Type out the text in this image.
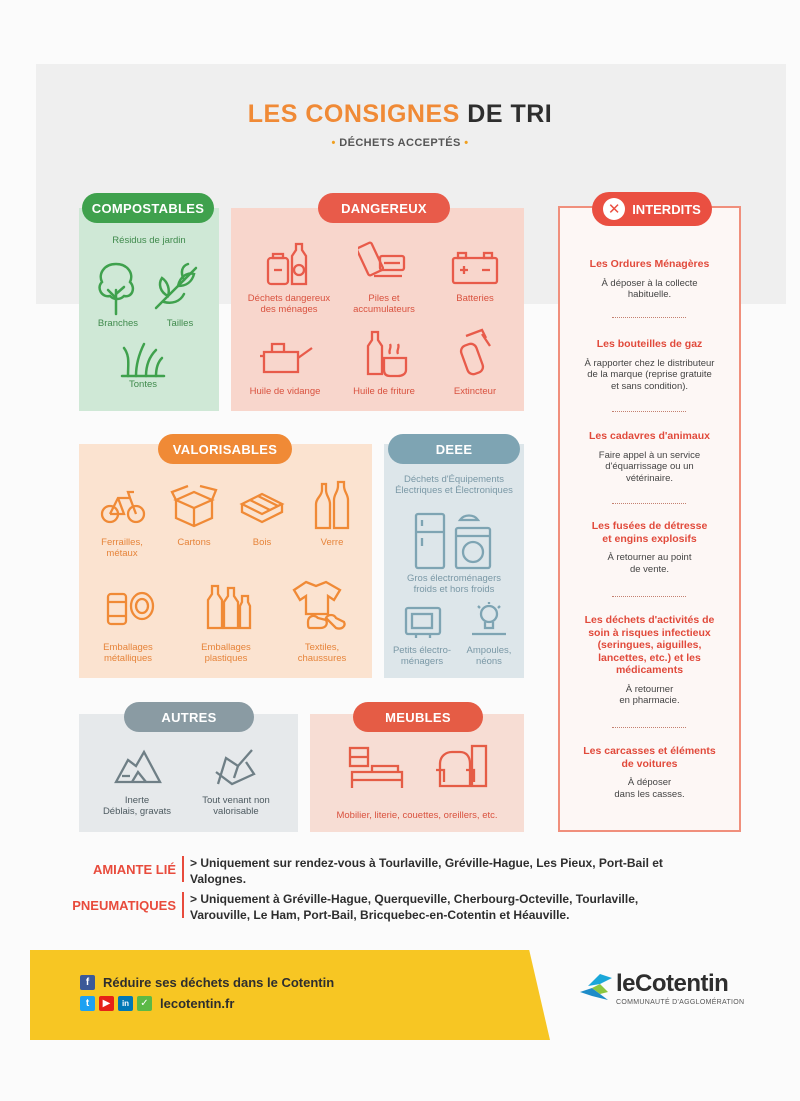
LES CONSIGNES DE TRI
• DÉCHETS ACCEPTÉS •
COMPOSTABLES
Résidus de jardin
Branches	Tailles
Tontes
DANGEREUX
Déchets dangereux
des ménages
Piles et
accumulateurs
Batteries
Huile de vidange	Huile de friture	Extincteur
VALORISABLES
Ferrailles,
métaux
Cartons	Bois	Verre
Emballages
métalliques
Emballages
plastiques
Textiles,
chaussures
DEEE
Déchets d'Équipements
Électriques et Électroniques
Gros électroménagers
froids et hors froids
Petits électro-
ménagers
Ampoules,
néons
AUTRES
Inerte
Déblais, gravats
Tout venant non
valorisable
MEUBLES
Mobilier, literie, couettes, oreillers, etc.
✕ INTERDITS
Les Ordures Ménagères
À déposer à la collecte
habituelle.
Les bouteilles de gaz
À rapporter chez le distributeur
de la marque (reprise gratuite
et sans condition).
Les cadavres d'animaux
Faire appel à un service
d'équarrissage ou un
vétérinaire.
Les fusées de détresse
et engins explosifs
À retourner au point
de vente.
Les déchets d'activités de
soin à risques infectieux
(seringues, aiguilles,
lancettes, etc.) et les
médicaments
À retourner
en pharmacie.
Les carcasses et éléments
de voitures
À déposer
dans les casses.
AMIANTE LIÉ > Uniquement sur rendez-vous à Tourlaville, Gréville-Hague, Les Pieux, Port-Bail et
Valognes.
PNEUMATIQUES > Uniquement à Gréville-Hague, Querqueville, Cherbourg-Octeville, Tourlaville,
Varouville, Le Ham, Port-Bail, Bricquebec-en-Cotentin et Héauville.
f	Réduire ses déchets dans le Cotentin
t	▶	in	✓ lecotentin.fr
leCotentin
COMMUNAUTÉ D'AGGLOMÉRATION
